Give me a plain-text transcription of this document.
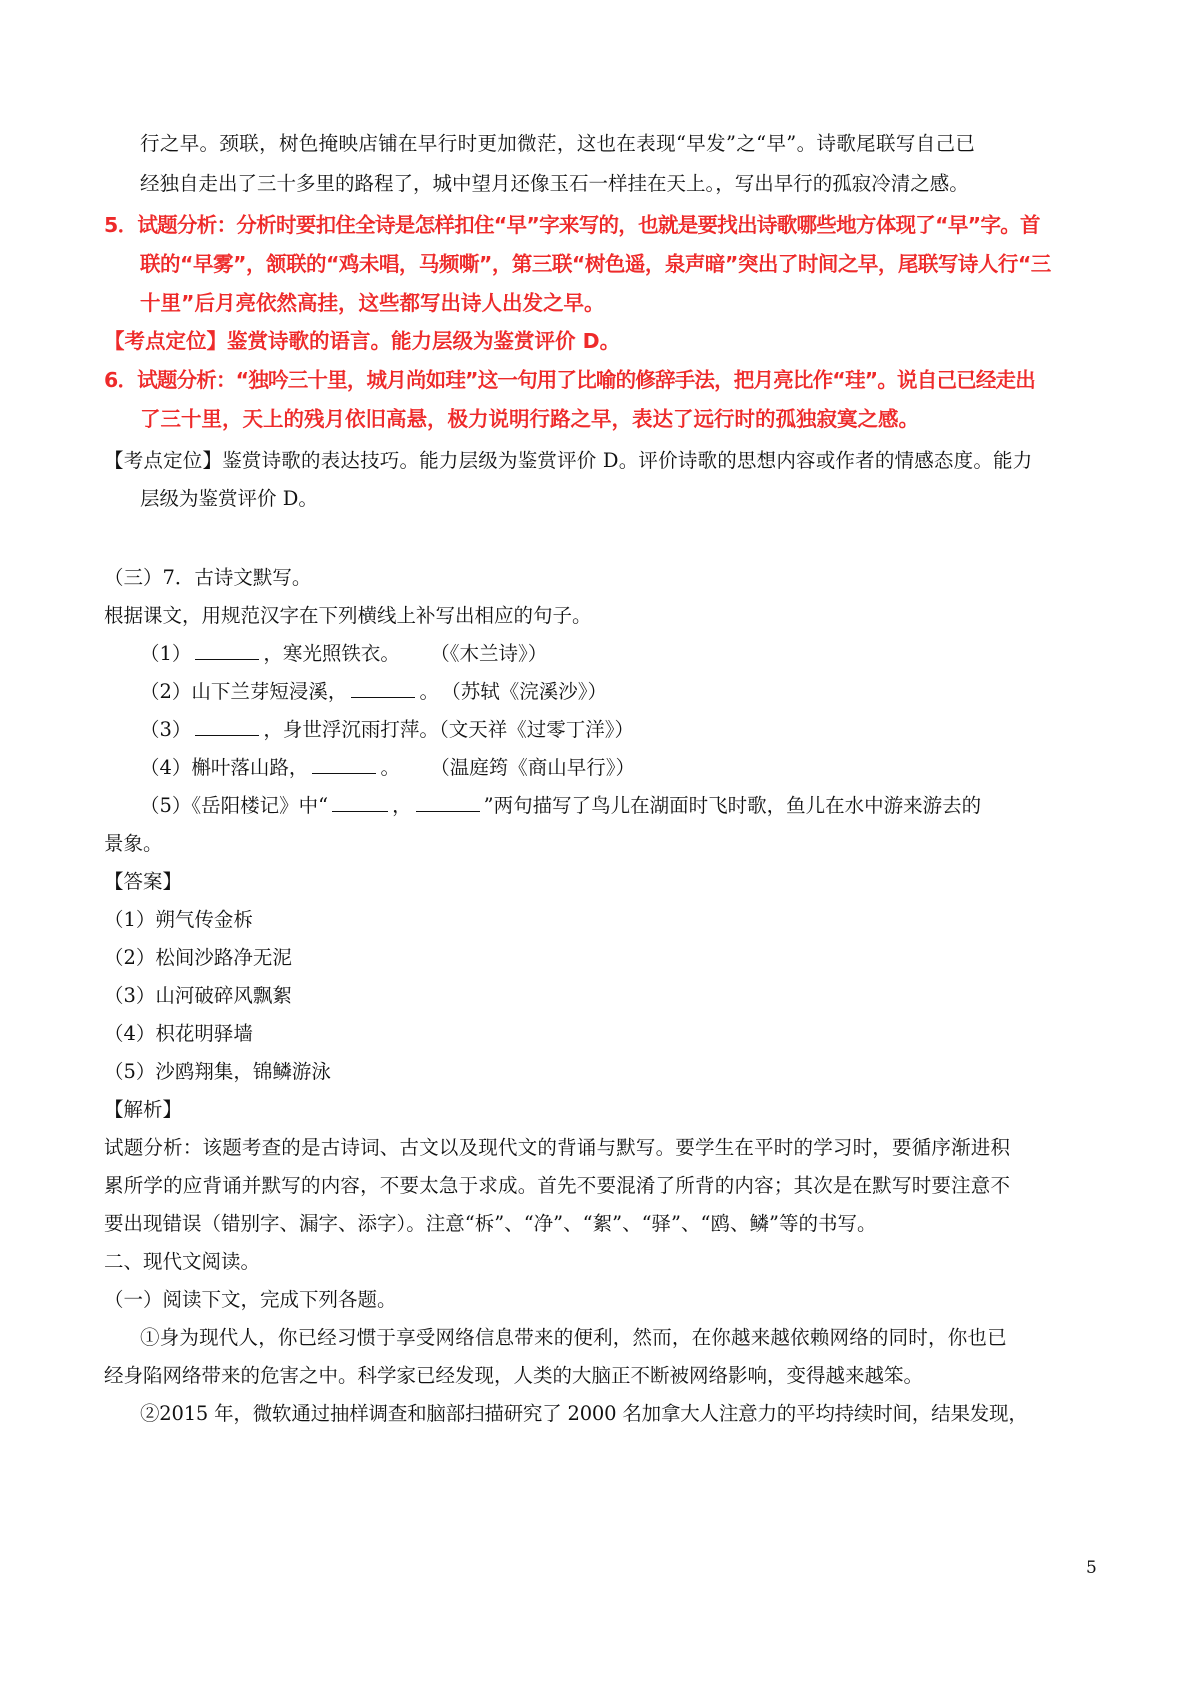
行之早。颈联，树色掩映店铺在早行时更加微茫，这也在表现“早发”之“早”。诗歌尾联写自己已
经独自走出了三十多里的路程了，城中望月还像玉石一样挂在天上。，写出早行的孤寂冷清之感。
5．试题分析：分析时要扣住全诗是怎样扣住“早”字来写的，也就是要找出诗歌哪些地方体现了“早”字。首
联的“早雾”，颔联的“鸡未唱，马频嘶”，第三联“树色遥，泉声暗”突出了时间之早，尾联写诗人行“三
十里”后月亮依然高挂，这些都写出诗人出发之早。
【考点定位】鉴赏诗歌的语言。能力层级为鉴赏评价 D。
6．试题分析：“独吟三十里，城月尚如珪”这一句用了比喻的修辞手法，把月亮比作“珪”。说自己已经走出
了三十里，天上的残月依旧高悬，极力说明行路之早，表达了远行时的孤独寂寞之感。
【考点定位】鉴赏诗歌的表达技巧。能力层级为鉴赏评价 D。评价诗歌的思想内容或作者的情感态度。能力
层级为鉴赏评价 D。
（三）7．古诗文默写。
根据课文，用规范汉字在下列横线上补写出相应的句子。
（1）	，寒光照铁衣。 （《木兰诗》）
（2）山下兰芽短浸溪，	。 （苏轼《浣溪沙》）
（3）	，身世浮沉雨打萍。（文天祥《过零丁洋》）
（4）槲叶落山路，	。 （温庭筠《商山早行》）
（5）《岳阳楼记》中“	，	”两句描写了鸟儿在湖面时飞时歌，鱼儿在水中游来游去的
景象。
【答案】
（1）朔气传金柝
（2）松间沙路净无泥
（3）山河破碎风飘絮
（4）枳花明驿墙
（5）沙鸥翔集，锦鳞游泳
【解析】
试题分析：该题考查的是古诗词、古文以及现代文的背诵与默写。要学生在平时的学习时，要循序渐进积
累所学的应背诵并默写的内容，不要太急于求成。首先不要混淆了所背的内容；其次是在默写时要注意不
要出现错误（错别字、漏字、添字）。注意“柝”、“净”、“絮”、“驿”、“鸥、鳞”等的书写。
二、现代文阅读。
（一）阅读下文，完成下列各题。
①身为现代人，你已经习惯于享受网络信息带来的便利，然而，在你越来越依赖网络的同时，你也已
经身陷网络带来的危害之中。科学家已经发现，人类的大脑正不断被网络影响，变得越来越笨。
②2015 年，微软通过抽样调查和脑部扫描研究了 2000 名加拿大人注意力的平均持续时间，结果发现，
5
